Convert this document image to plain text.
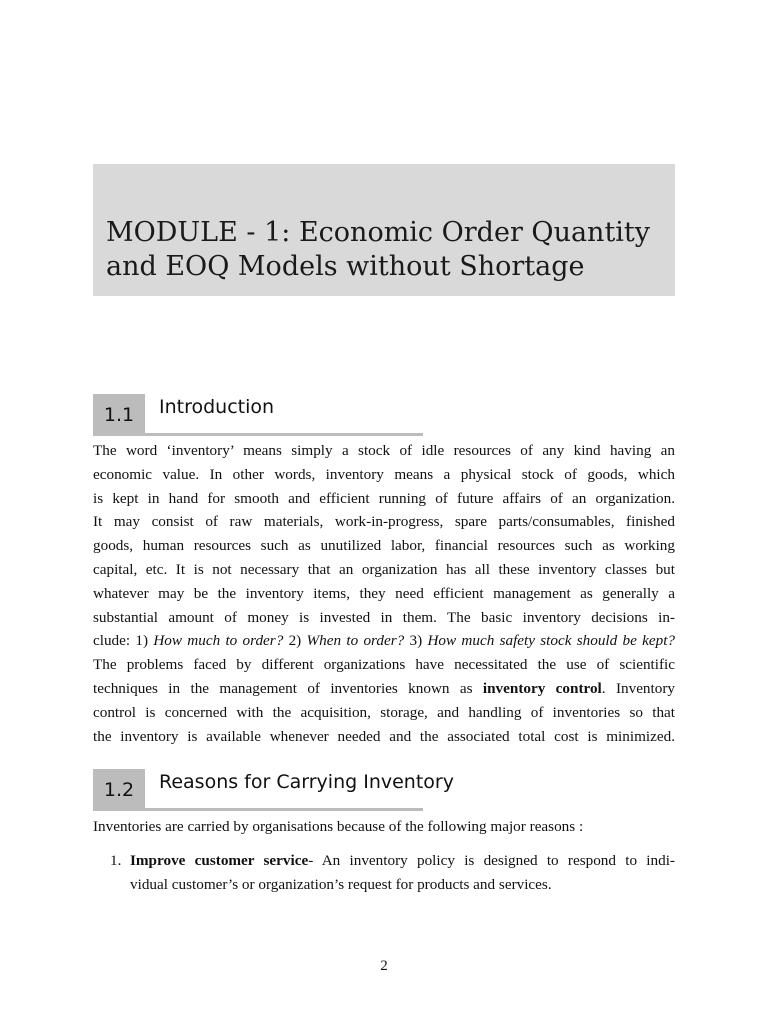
MODULE - 1: Economic Order Quantity
and EOQ Models without Shortage
1.1	Introduction
The word ‘inventory’ means simply a stock of idle resources of any kind having an
economic value. In other words, inventory means a physical stock of goods, which
is kept in hand for smooth and efficient running of future affairs of an organization.
It may consist of raw materials, work-in-progress, spare parts/consumables, finished
goods, human resources such as unutilized labor, financial resources such as working
capital, etc. It is not necessary that an organization has all these inventory classes but
whatever may be the inventory items, they need efficient management as generally a
substantial amount of money is invested in them. The basic inventory decisions in-
clude: 1) How much to order? 2) When to order? 3) How much safety stock should be kept?
The problems faced by different organizations have necessitated the use of scientific
techniques in the management of inventories known as inventory control. Inventory
control is concerned with the acquisition, storage, and handling of inventories so that
the inventory is available whenever needed and the associated total cost is minimized.
1.2	Reasons for Carrying Inventory
Inventories are carried by organisations because of the following major reasons :
1. Improve customer service- An inventory policy is designed to respond to indi-
vidual customer’s or organization’s request for products and services.
2
